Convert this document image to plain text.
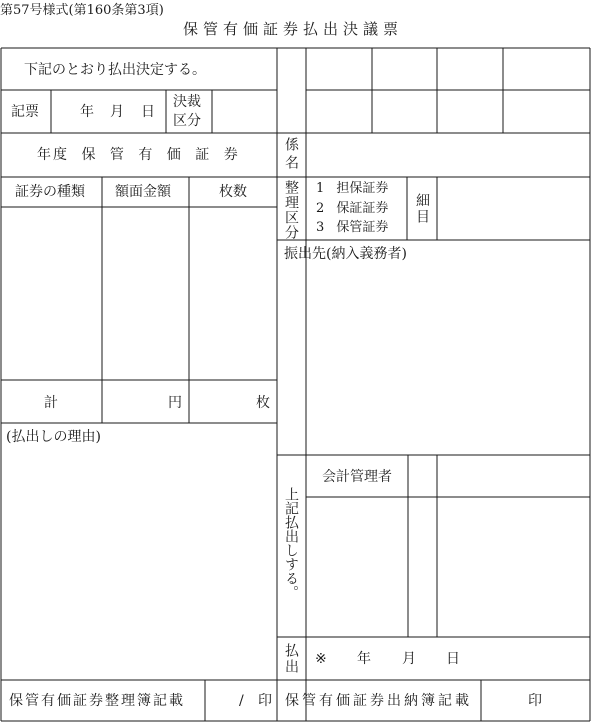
第57号様式(第160条第3項)
保管有価証券払出決議票
下記のとおり払出決定する。
記票	年 月 日
決裁
区分
年度 保 管 有 価 証 券
証券の種類 額面金額	枚数
計	円	枚
(払出しの理由)
係名
整理区分 1 担保証券
2 保証証券
3 保管証券
細目
振出先(納入義務者)
上記払出しする。
会計管理者
払出 ※ 年 月 日
保管有価証券整理簿記載	/ 印 保管有価証券出納簿記載	印
